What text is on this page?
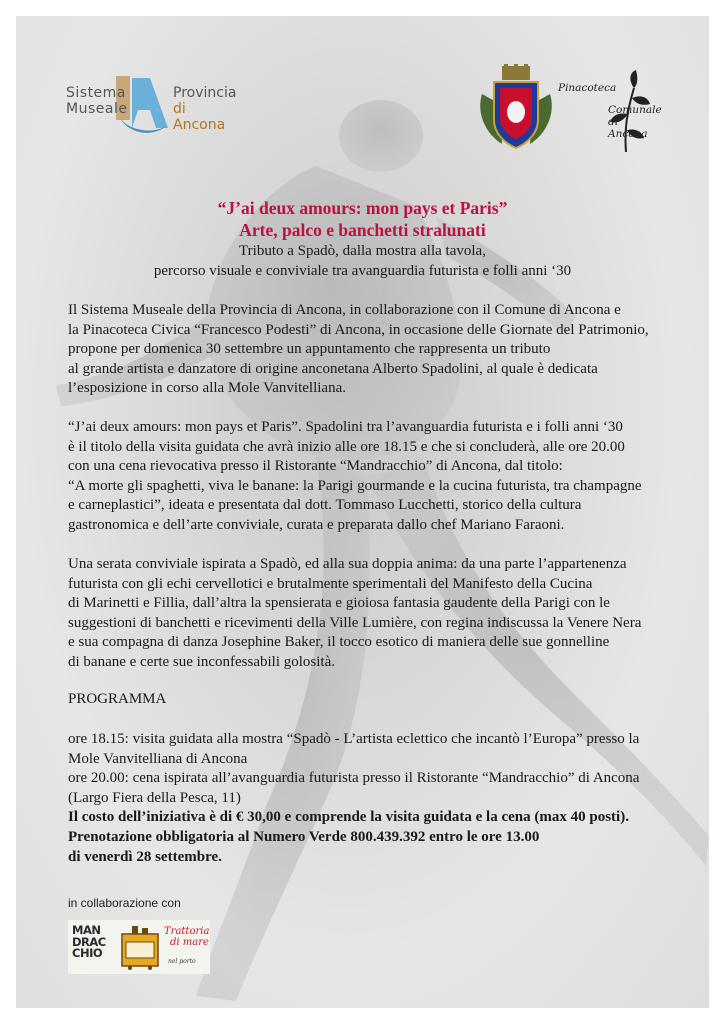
Sistema
Museale
Provincia
di Ancona
Pinacoteca
Comunale
di
Ancona
“J’ai deux amours: mon pays et Paris”
Arte, palco e banchetti stralunati
Tributo a Spadò, dalla mostra alla tavola,
percorso visuale e conviviale tra avanguardia futurista e folli anni ‘30
Il Sistema Museale della Provincia di Ancona, in collaborazione con il Comune di Ancona e
la Pinacoteca Civica “Francesco Podesti” di Ancona, in occasione delle Giornate del Patrimonio,
propone per domenica 30 settembre un appuntamento che rappresenta un tributo
al grande artista e danzatore di origine anconetana Alberto Spadolini, al quale è dedicata
l’esposizione in corso alla Mole Vanvitelliana.
“J’ai deux amours: mon pays et Paris”. Spadolini tra l’avanguardia futurista e i folli anni ‘30
è il titolo della visita guidata che avrà inizio alle ore 18.15 e che si concluderà, alle ore 20.00
con una cena rievocativa presso il Ristorante “Mandracchio” di Ancona, dal titolo:
“A morte gli spaghetti, viva le banane: la Parigi gourmande e la cucina futurista, tra champagne
e carneplastici”, ideata e presentata dal dott. Tommaso Lucchetti, storico della cultura
gastronomica e dell’arte conviviale, curata e preparata dallo chef Mariano Faraoni.
Una serata conviviale ispirata a Spadò, ed alla sua doppia anima: da una parte l’appartenenza
futurista con gli echi cervellotici e brutalmente sperimentali del Manifesto della Cucina
di Marinetti e Fillia, dall’altra la spensierata e gioiosa fantasia gaudente della Parigi con le
suggestioni di banchetti e ricevimenti della Ville Lumière, con regina indiscussa la Venere Nera
e sua compagna di danza Josephine Baker, il tocco esotico di maniera delle sue gonnelline
di banane e certe sue inconfessabili golosità.
PROGRAMMA
ore 18.15: visita guidata alla mostra “Spadò - L’artista eclettico che incantò l’Europa” presso la
Mole Vanvitelliana di Ancona
ore 20.00: cena ispirata all’avanguardia futurista presso il Ristorante “Mandracchio” di Ancona
(Largo Fiera della Pesca, 11)
Il costo dell’iniziativa è di € 30,00 e comprende la visita guidata e la cena (max 40 posti).
Prenotazione obbligatoria al Numero Verde 800.439.392 entro le ore 13.00
di venerdì 28 settembre.
in collaborazione con
MAN
DRAC
CHIO
Trattoria
di mare
nel porto
